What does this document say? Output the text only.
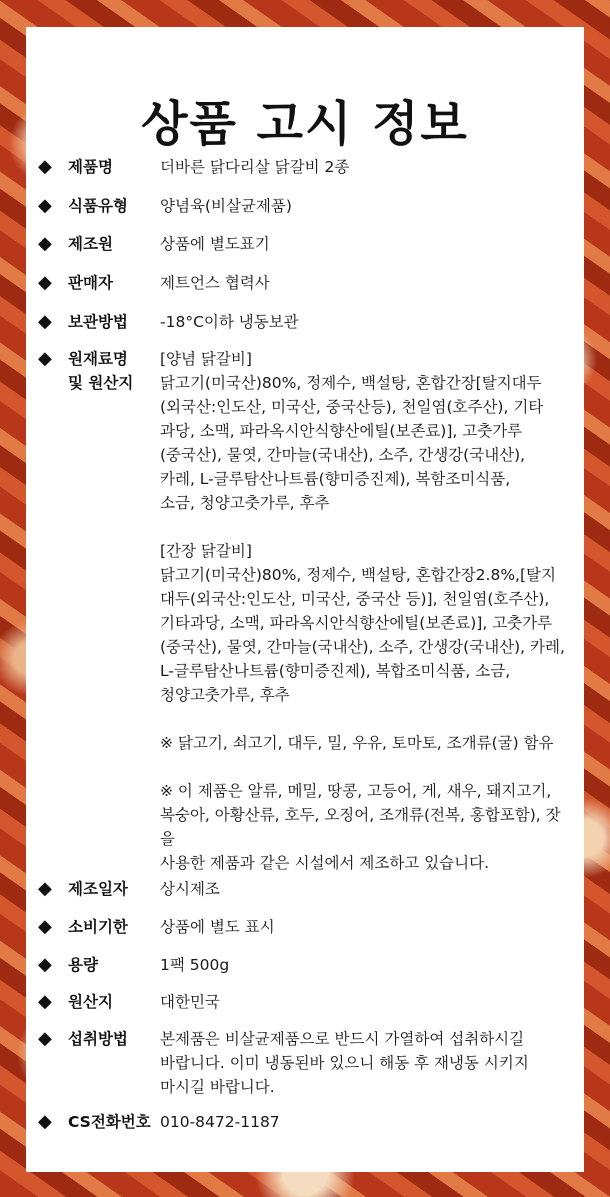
상품 고시 정보
◆ 제품명	더바른 닭다리살 닭갈비 2종
◆ 식품유형 양념육(비살균제품)
◆ 제조원	상품에 별도표기
◆ 판매자	제트언스 협력사
◆ 보관방법 -18°C이하 냉동보관
◆ 원재료명
및 원산지
[양념 닭갈비]
닭고기(미국산)80%, 정제수, 백설탕, 혼합간장[탈지대두
(외국산:인도산, 미국산, 중국산등), 천일염(호주산), 기타
과당, 소맥, 파라옥시안식향산에틸(보존료)], 고춧가루
(중국산), 물엿, 간마늘(국내산), 소주, 간생강(국내산),
카레, L-글루탐산나트륨(향미증진제), 복함조미식품,
소금, 청양고춧가루, 후추

[간장 닭갈비]
닭고기(미국산)80%, 정제수, 백설탕, 혼합간장2.8%,[탈지
대두(외국산:인도산, 미국산, 중국산 등)], 천일염(호주산),
기타과당, 소맥, 파라옥시안식향산에틸(보존료)], 고춧가루
(중국산), 물엿, 간마늘(국내산), 소주, 간생강(국내산), 카레,
L-글루탐산나트륨(향미증진제), 복합조미식품, 소금,
청양고춧가루, 후추

※ 닭고기, 쇠고기, 대두, 밀, 우유, 토마토, 조개류(굴) 함유

※ 이 제품은 알류, 메밀, 땅콩, 고등어, 게, 새우, 돼지고기,
복숭아, 아황산류, 호두, 오징어, 조개류(전복, 홍합포함), 잣을
사용한 제품과 같은 시설에서 제조하고 있습니다.
◆ 제조일자 상시제조
◆ 소비기한 상품에 별도 표시
◆ 용량	1팩 500g
◆ 원산지	대한민국
◆ 섭취방법 본제품은 비살균제품으로 반드시 가열하여 섭취하시길
바랍니다. 이미 냉동된바 있으니 해동 후 재냉동 시키지
마시길 바랍니다.
◆ CS전화번호 010-8472-1187
